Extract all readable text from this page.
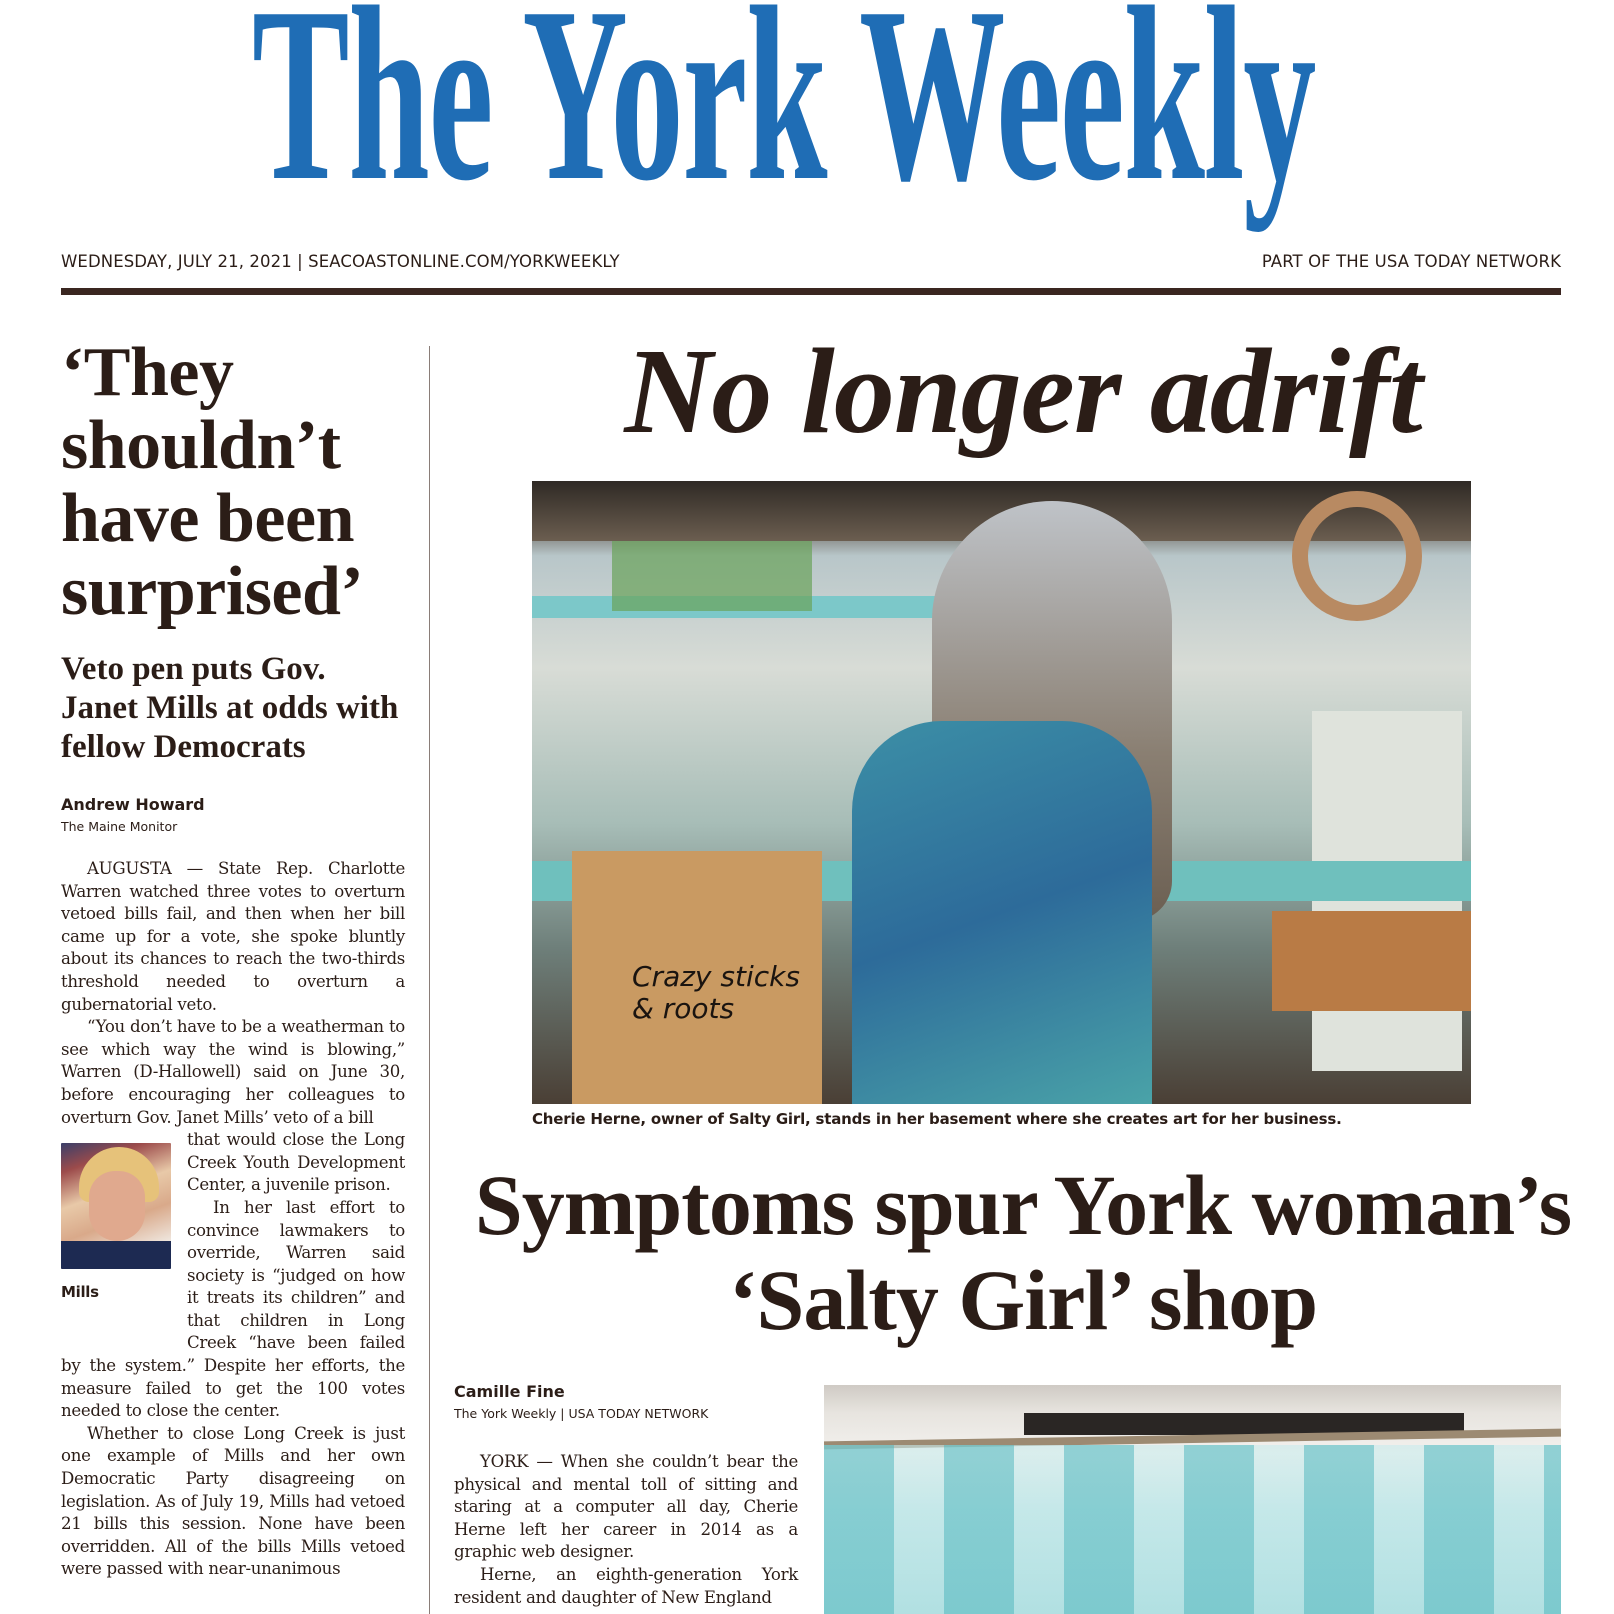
The York Weekly
WEDNESDAY, JULY 21, 2021 | SEACOASTONLINE.COM/YORKWEEKLY	PART OF THE USA TODAY NETWORK
‘They shouldn’t have been surprised’
Veto pen puts Gov. Janet Mills at odds with fellow Democrats
Andrew Howard
The Maine Monitor

AUGUSTA — State Rep. Charlotte Warren watched three votes to overturn vetoed bills fail, and then when her bill came up for a vote, she spoke bluntly about its chances to reach the two-thirds threshold needed to overturn a gubernatorial veto.

“You don’t have to be a weatherman to see which way the wind is blowing,” Warren (D-Hallowell) said on June 30, before encouraging her colleagues to overturn Gov. Janet Mills’ veto of a bill

Mills

that would close the Long Creek Youth Development Center, a juvenile prison.

In her last effort to convince lawmakers to override, Warren said society is “judged on how it treats its children” and that children in Long Creek “have been failed by the system.” Despite her efforts, the measure failed to get the 100 votes needed to close the center.

Whether to close Long Creek is just one example of Mills and her own Democratic Party disagreeing on legislation. As of July 19, Mills had vetoed 21 bills this session. None have been overridden. All of the bills Mills vetoed were passed with near-unanimous

No longer adrift
Crazy sticks & roots
Cherie Herne, owner of Salty Girl, stands in her basement where she creates art for her business.
Symptoms spur York woman’s ‘Salty Girl’ shop
Camille Fine
The York Weekly | USA TODAY NETWORK

YORK — When she couldn’t bear the physical and mental toll of sitting and staring at a computer all day, Cherie Herne left her career in 2014 as a graphic web designer.

Herne, an eighth-generation York resident and daughter of New England
